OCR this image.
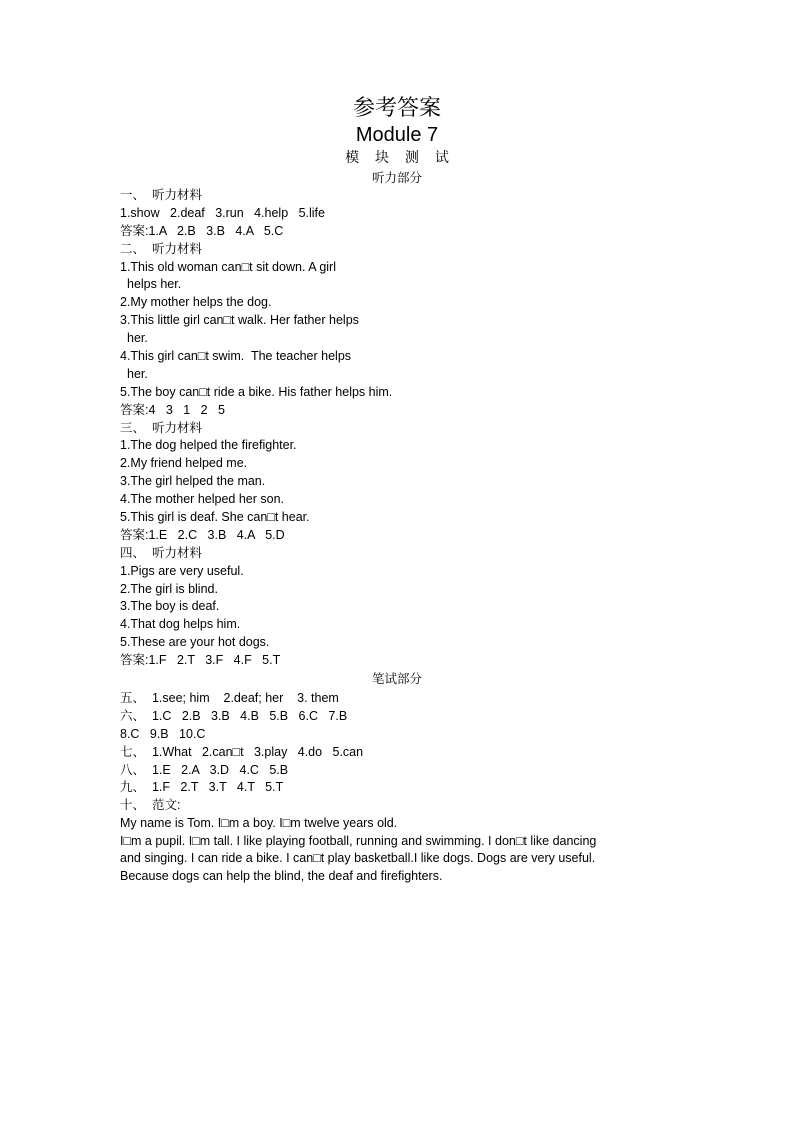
参考答案
Module 7
模 块 测 试
听力部分
一、  听力材料
1.show   2.deaf   3.run   4.help   5.life
答案:1.A   2.B   3.B   4.A   5.C
二、  听力材料
1.This old woman can□t sit down. A girl
helps her.
2.My mother helps the dog.
3.This little girl can□t walk. Her father helps
her.
4.This girl can□t swim.  The teacher helps
her.
5.The boy can□t ride a bike. His father helps him.
答案:4   3   1   2   5
三、  听力材料
1.The dog helped the firefighter.
2.My friend helped me.
3.The girl helped the man.
4.The mother helped her son.
5.This girl is deaf. She can□t hear.
答案:1.E   2.C   3.B   4.A   5.D
四、  听力材料
1.Pigs are very useful.
2.The girl is blind.
3.The boy is deaf.
4.That dog helps him.
5.These are your hot dogs.
答案:1.F   2.T   3.F   4.F   5.T
笔试部分
五、  1.see; him    2.deaf; her    3. them
六、  1.C   2.B   3.B   4.B   5.B   6.C   7.B
8.C   9.B   10.C
七、  1.What   2.can□t   3.play   4.do   5.can
八、  1.E   2.A   3.D   4.C   5.B
九、  1.F   2.T   3.T   4.T   5.T
十、  范文:
My name is Tom. I□m a boy. I□m twelve years old.
I□m a pupil. I□m tall. I like playing football, running and swimming. I don□t like dancing
and singing. I can ride a bike. I can□t play basketball.I like dogs. Dogs are very useful.
Because dogs can help the blind, the deaf and firefighters.
